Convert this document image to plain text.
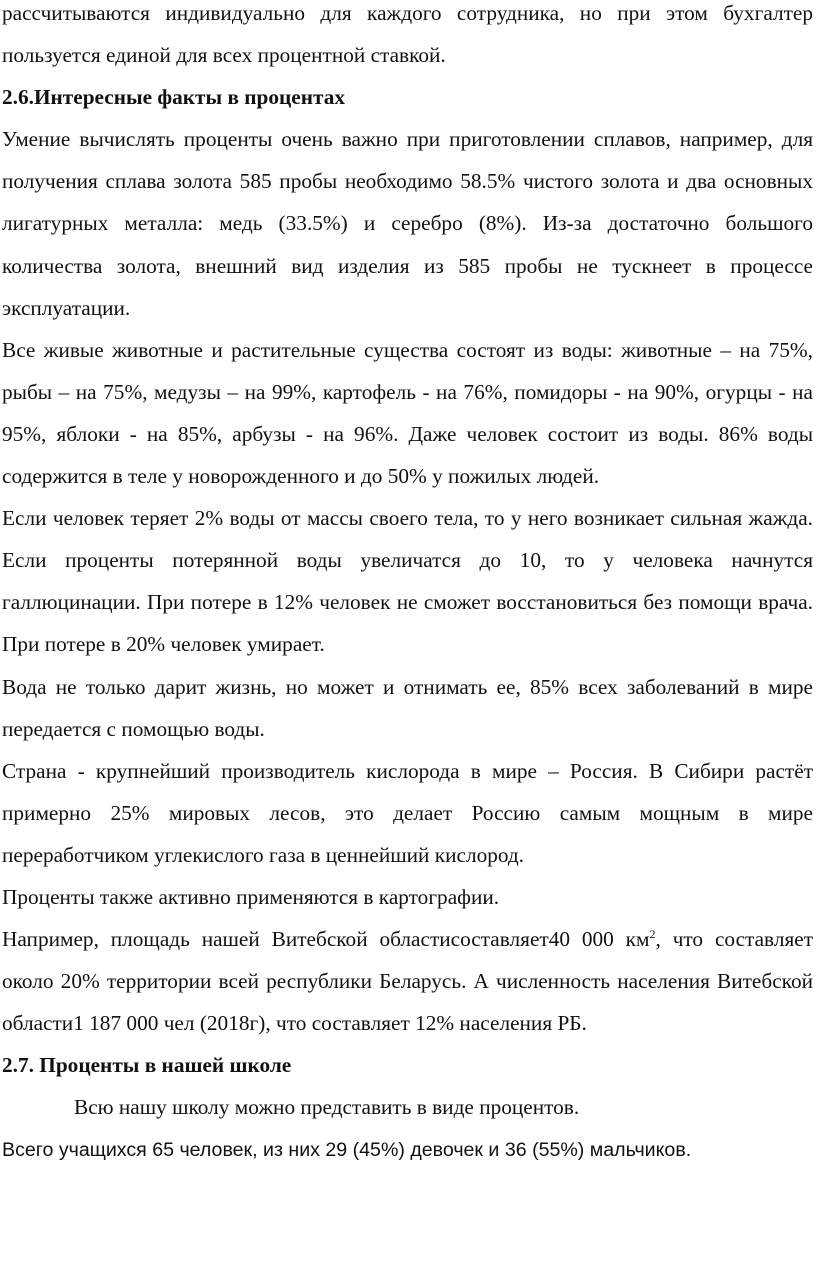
рассчитываются индивидуально для каждого сотрудника, но при этом бухгалтер пользуется единой для всех процентной ставкой.

2.6.Интересные факты в процентах

Умение вычислять проценты очень важно при приготовлении сплавов, например, для получения сплава золота 585 пробы необходимо 58.5% чистого золота и два основных лигатурных металла: медь (33.5%) и серебро (8%). Из-за достаточно большого количества золота, внешний вид изделия из 585 пробы не тускнеет в процессе эксплуатации.

Все живые животные и растительные существа состоят из воды: животные – на 75%, рыбы – на 75%, медузы – на 99%, картофель - на 76%, помидоры - на 90%, огурцы - на 95%, яблоки - на 85%, арбузы - на 96%. Даже человек состоит из воды. 86% воды содержится в теле у новорожденного и до 50% у пожилых людей.

Если человек теряет 2% воды от массы своего тела, то у него возникает сильная жажда. Если проценты потерянной воды увеличатся до 10, то у человека начнутся галлюцинации. При потере в 12% человек не сможет восстановиться без помощи врача. При потере в 20% человек умирает.

Вода не только дарит жизнь, но может и отнимать ее, 85% всех заболеваний в мире передается с помощью воды.

Страна - крупнейший производитель кислорода в мире – Россия. В Сибири растёт примерно 25% мировых лесов, это делает Россию самым мощным в мире переработчиком углекислого газа в ценнейший кислород.

Проценты также активно применяются в картографии.

Например, площадь нашей Витебской областисоставляет40 000 $км^2$, что составляет около 20% территории всей республики Беларусь. А численность населения Витебской области1 187 000 чел (2018г), что составляет 12% населения РБ.

2.7. Проценты в нашей школе

Всю нашу школу можно представить в виде процентов.

Всего учащихся 65 человек, из них 29 (45%) девочек и 36 (55%) мальчиков.
